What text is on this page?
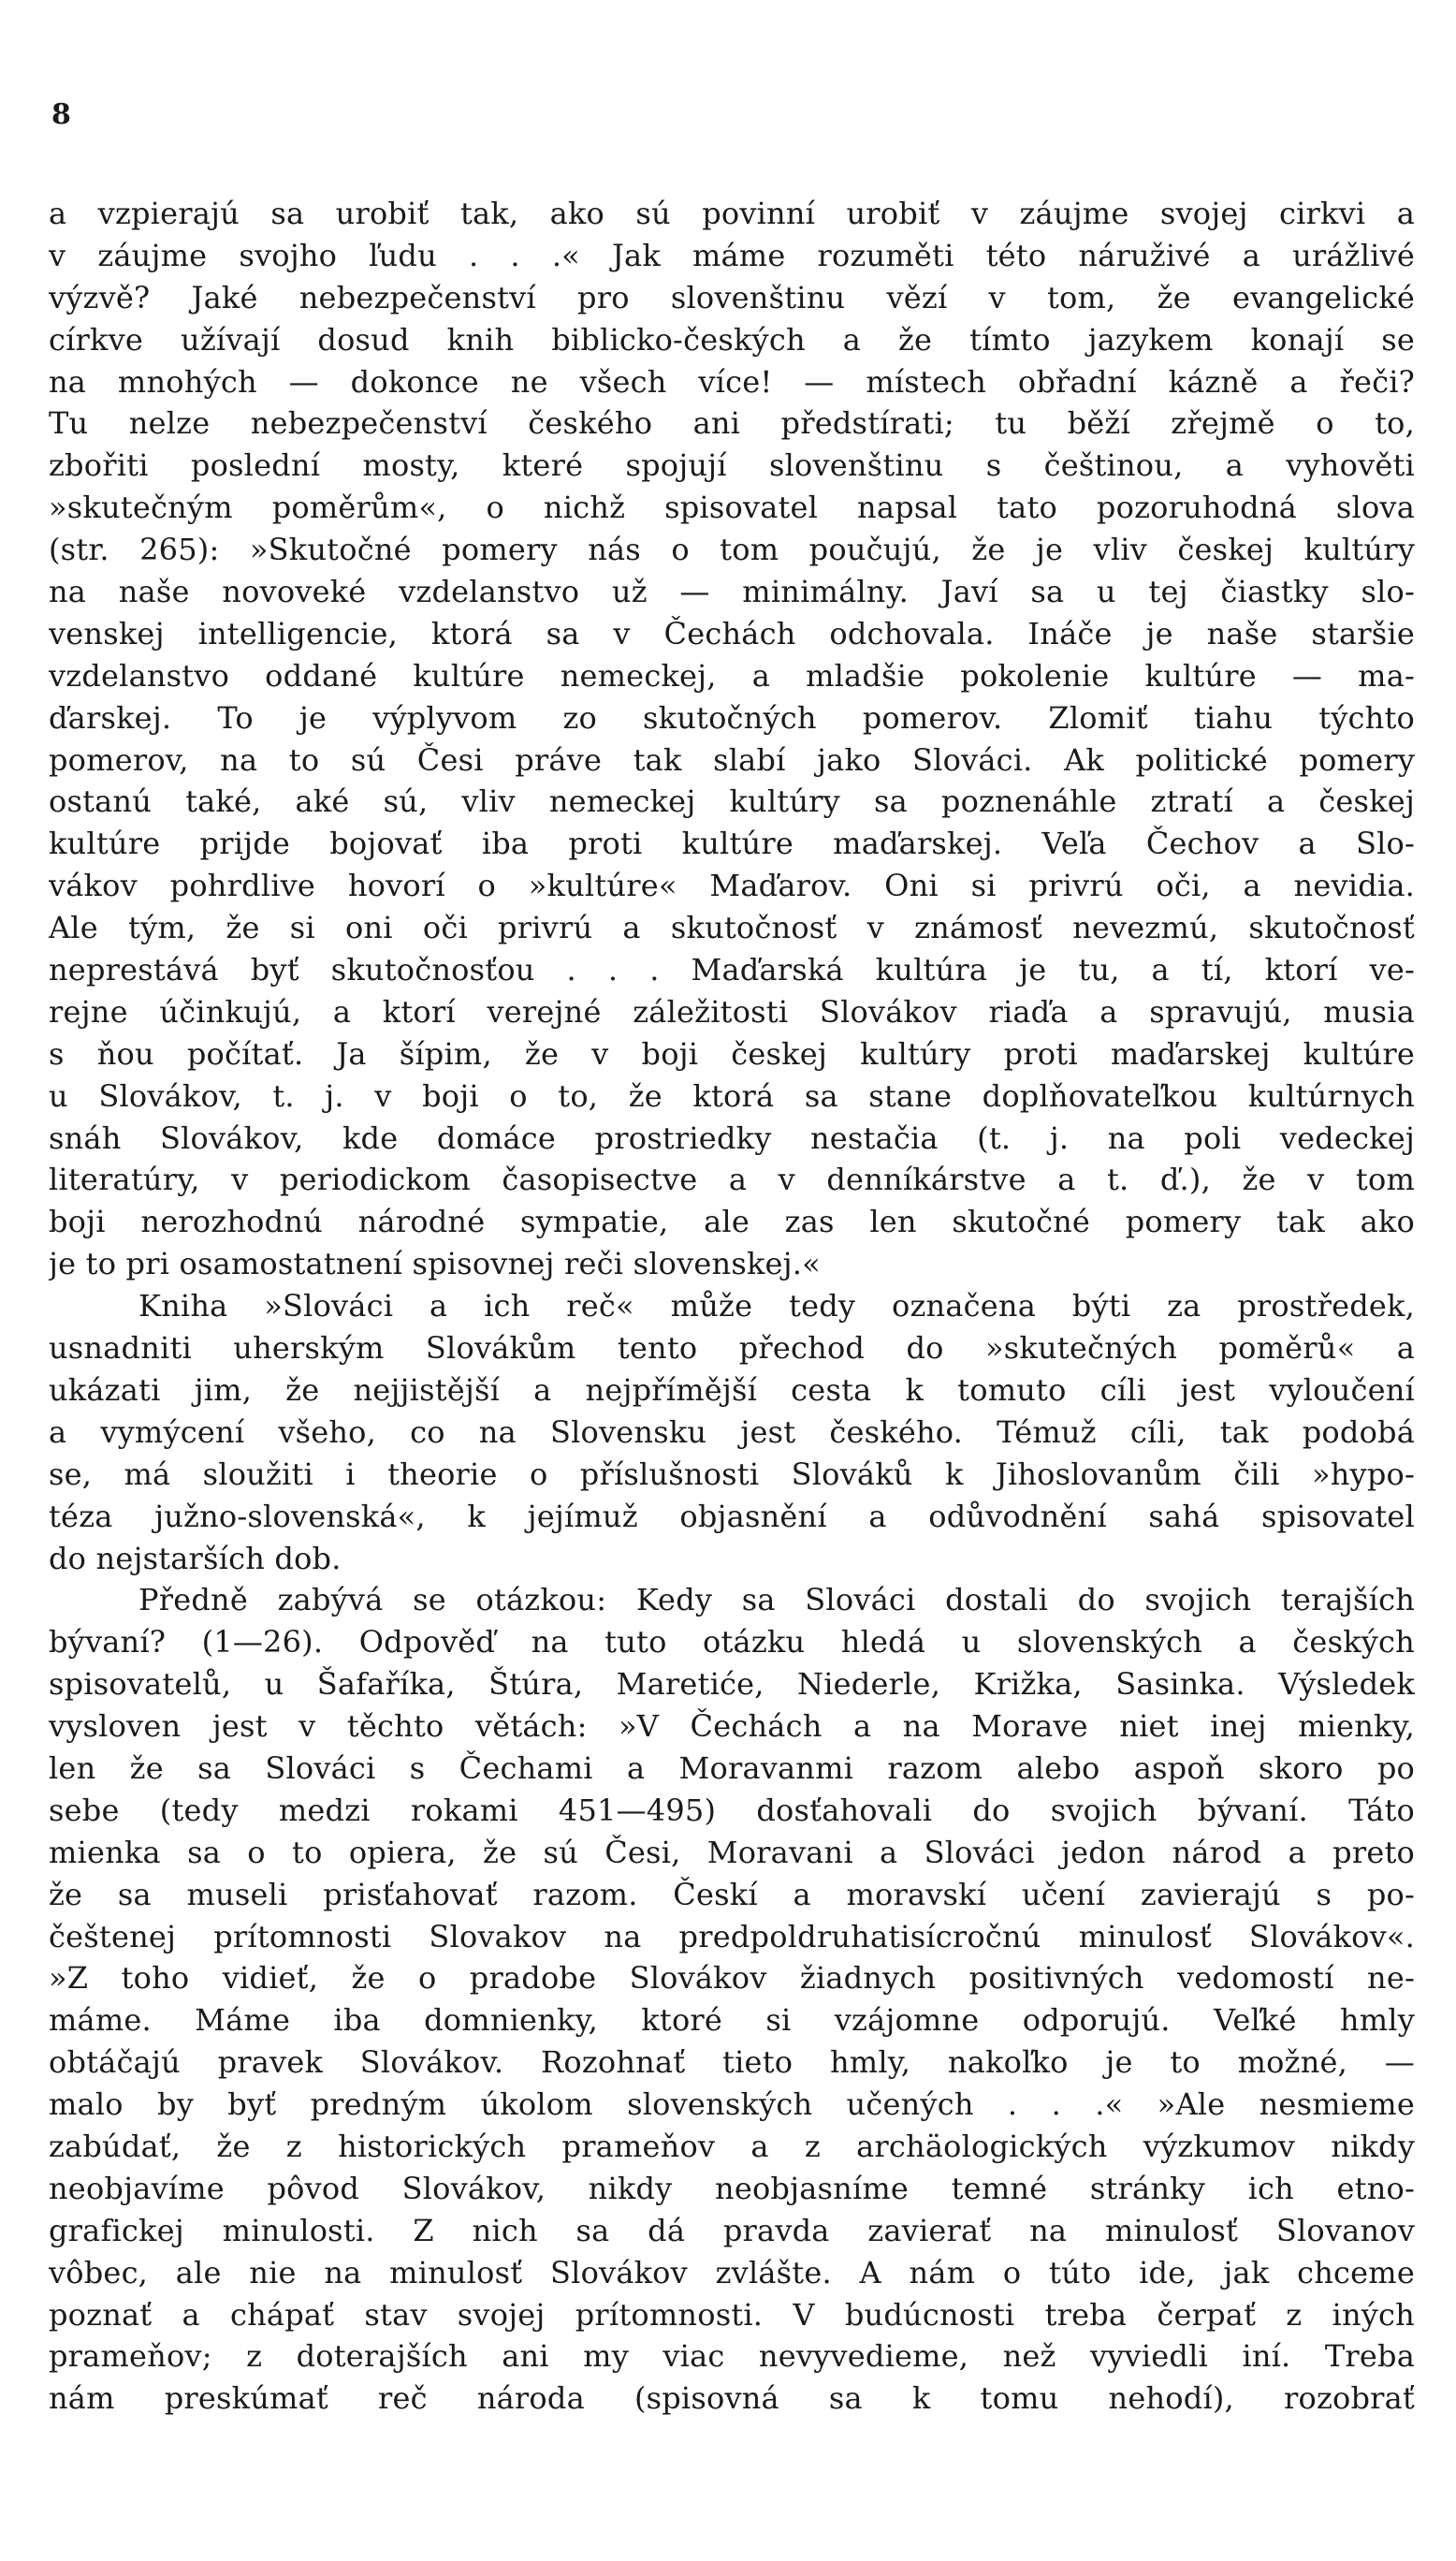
8
a vzpierajú sa urobiť tak, ako sú povinní urobiť v záujme svojej cirkvi a
v záujme svojho ľudu . . .« Jak máme rozuměti této náruživé a urážlivé
výzvě? Jaké nebezpečenství pro slovenštinu vězí v tom, že evangelické
církve užívají dosud knih biblicko-českých a že tímto jazykem konají se
na mnohých — dokonce ne všech více! — místech obřadní kázně a řeči?
Tu nelze nebezpečenství českého ani předstírati; tu běží zřejmě o to,
zbořiti poslední mosty, které spojují slovenštinu s češtinou, a vyhověti
»skutečným poměrům«, o nichž spisovatel napsal tato pozoruhodná slova
(str. 265): »Skutočné pomery nás o tom poučujú, že je vliv českej kultúry
na naše novoveké vzdelanstvo už — minimálny. Javí sa u tej čiastky slo-
venskej intelligencie, ktorá sa v Čechách odchovala. Ináče je naše staršie
vzdelanstvo oddané kultúre nemeckej, a mladšie pokolenie kultúre — ma-
ďarskej. To je výplyvom zo skutočných pomerov. Zlomiť tiahu týchto
pomerov, na to sú Česi práve tak slabí jako Slováci. Ak politické pomery
ostanú také, aké sú, vliv nemeckej kultúry sa poznenáhle ztratí a českej
kultúre prijde bojovať iba proti kultúre maďarskej. Veľa Čechov a Slo-
vákov pohrdlive hovorí o »kultúre« Maďarov. Oni si privrú oči, a nevidia.
Ale tým, že si oni oči privrú a skutočnosť v známosť nevezmú, skutočnosť
neprestává byť skutočnosťou . . . Maďarská kultúra je tu, a tí, ktorí ve-
rejne účinkujú, a ktorí verejné záležitosti Slovákov riaďa a spravujú, musia
s ňou počítať. Ja šípim, že v boji českej kultúry proti maďarskej kultúre
u Slovákov, t. j. v boji o to, že ktorá sa stane doplňovateľkou kultúrnych
snáh Slovákov, kde domáce prostriedky nestačia (t. j. na poli vedeckej
literatúry, v periodickom časopisectve a v denníkárstve a t. ď.), že v tom
boji nerozhodnú národné sympatie, ale zas len skutočné pomery tak ako
je to pri osamostatnení spisovnej reči slovenskej.«
Kniha »Slováci a ich reč« může tedy označena býti za prostředek,
usnadniti uherským Slovákům tento přechod do »skutečných poměrů« a
ukázati jim, že nejjistější a nejpřímější cesta k tomuto cíli jest vyloučení
a vymýcení všeho, co na Slovensku jest českého. Témuž cíli, tak podobá
se, má sloužiti i theorie o příslušnosti Slováků k Jihoslovanům čili »hypo-
téza južno-slovenská«, k jejímuž objasnění a odůvodnění sahá spisovatel
do nejstarších dob.
Předně zabývá se otázkou: Kedy sa Slováci dostali do svojich terajších
bývaní? (1—26). Odpověď na tuto otázku hledá u slovenských a českých
spisovatelů, u Šafaříka, Štúra, Maretiće, Niederle, Križka, Sasinka. Výsledek
vysloven jest v těchto větách: »V Čechách a na Morave niet inej mienky,
len že sa Slováci s Čechami a Moravanmi razom alebo aspoň skoro po
sebe (tedy medzi rokami 451—495) dosťahovali do svojich bývaní. Táto
mienka sa o to opiera, že sú Česi, Moravani a Slováci jedon národ a preto
že sa museli prisťahovať razom. Českí a moravskí učení zavierajú s po-
češtenej prítomnosti Slovakov na predpoldruhatisícročnú minulosť Slovákov«.
»Z toho vidieť, že o pradobe Slovákov žiadnych positivných vedomostí ne-
máme. Máme iba domnienky, ktoré si vzájomne odporujú. Veľké hmly
obtáčajú pravek Slovákov. Rozohnať tieto hmly, nakoľko je to možné, —
malo by byť predným úkolom slovenských učených . . .« »Ale nesmieme
zabúdať, že z historických prameňov a z archäologických výzkumov nikdy
neobjavíme pôvod Slovákov, nikdy neobjasníme temné stránky ich etno-
grafickej minulosti. Z nich sa dá pravda zavierať na minulosť Slovanov
vôbec, ale nie na minulosť Slovákov zvlášte. A nám o túto ide, jak chceme
poznať a chápať stav svojej prítomnosti. V budúcnosti treba čerpať z iných
prameňov; z doterajších ani my viac nevyvedieme, než vyviedli iní. Treba
nám preskúmať reč národa (spisovná sa k tomu nehodí), rozobrať
